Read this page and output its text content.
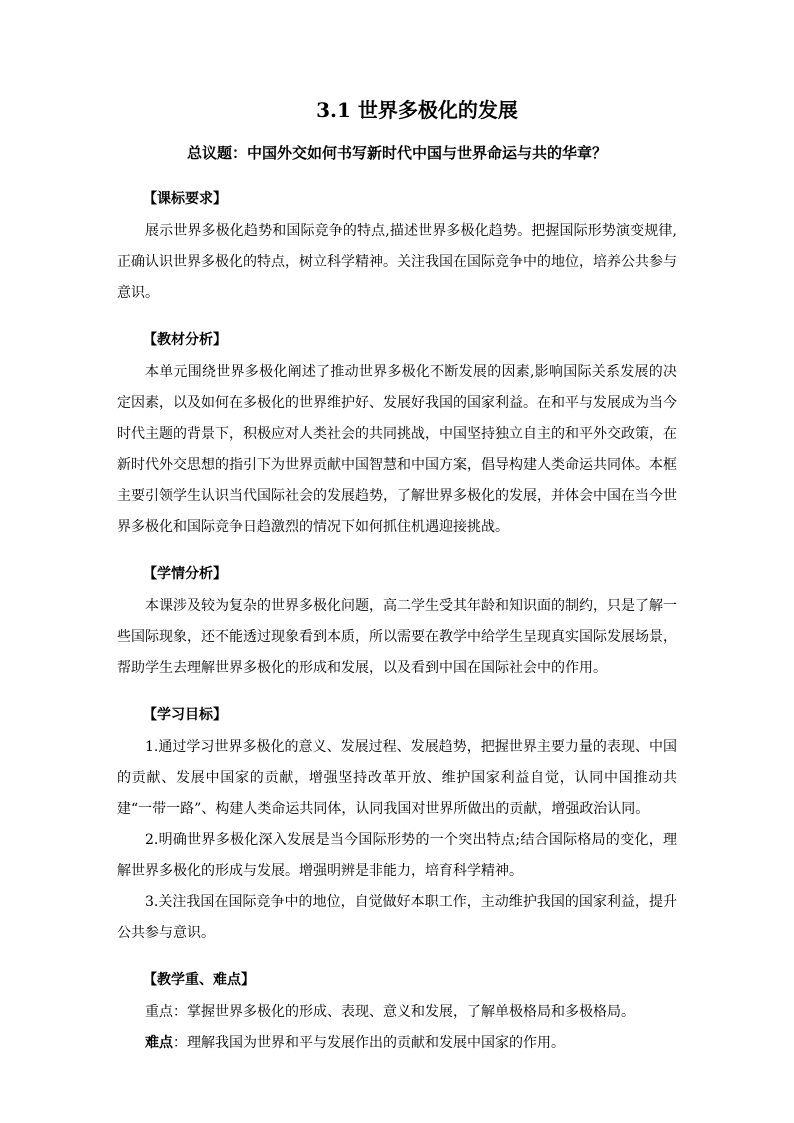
3.1 世界多极化的发展
总议题：中国外交如何书写新时代中国与世界命运与共的华章？
【课标要求】

展示世界多极化趋势和国际竞争的特点,描述世界多极化趋势。把握国际形势演变规律,正确认识世界多极化的特点，树立科学精神。关注我国在国际竞争中的地位，培养公共参与意识。

【教材分析】

本单元围绕世界多极化阐述了推动世界多极化不断发展的因素,影响国际关系发展的决定因素，以及如何在多极化的世界维护好、发展好我国的国家利益。在和平与发展成为当今时代主题的背景下，积极应对人类社会的共同挑战，中国坚持独立自主的和平外交政策，在新时代外交思想的指引下为世界贡献中国智慧和中国方案，倡导构建人类命运共同体。本框主要引领学生认识当代国际社会的发展趋势，了解世界多极化的发展，并体会中国在当今世界多极化和国际竞争日趋激烈的情况下如何抓住机遇迎接挑战。

【学情分析】

本课涉及较为复杂的世界多极化问题，高二学生受其年龄和知识面的制约，只是了解一些国际现象，还不能透过现象看到本质，所以需要在教学中给学生呈现真实国际发展场景，帮助学生去理解世界多极化的形成和发展，以及看到中国在国际社会中的作用。

【学习目标】

1.通过学习世界多极化的意义、发展过程、发展趋势，把握世界主要力量的表现、中国的贡献、发展中国家的贡献，增强坚持改革开放、维护国家利益自觉，认同中国推动共建“一带一路”、构建人类命运共同体，认同我国对世界所做出的贡献，增强政治认同。

2.明确世界多极化深入发展是当今国际形势的一个突出特点;结合国际格局的变化，理解世界多极化的形成与发展。增强明辨是非能力，培育科学精神。

3.关注我国在国际竞争中的地位，自觉做好本职工作，主动维护我国的国家利益，提升公共参与意识。

【教学重、难点】

重点：掌握世界多极化的形成、表现、意义和发展，了解单极格局和多极格局。

难点：理解我国为世界和平与发展作出的贡献和发展中国家的作用。
